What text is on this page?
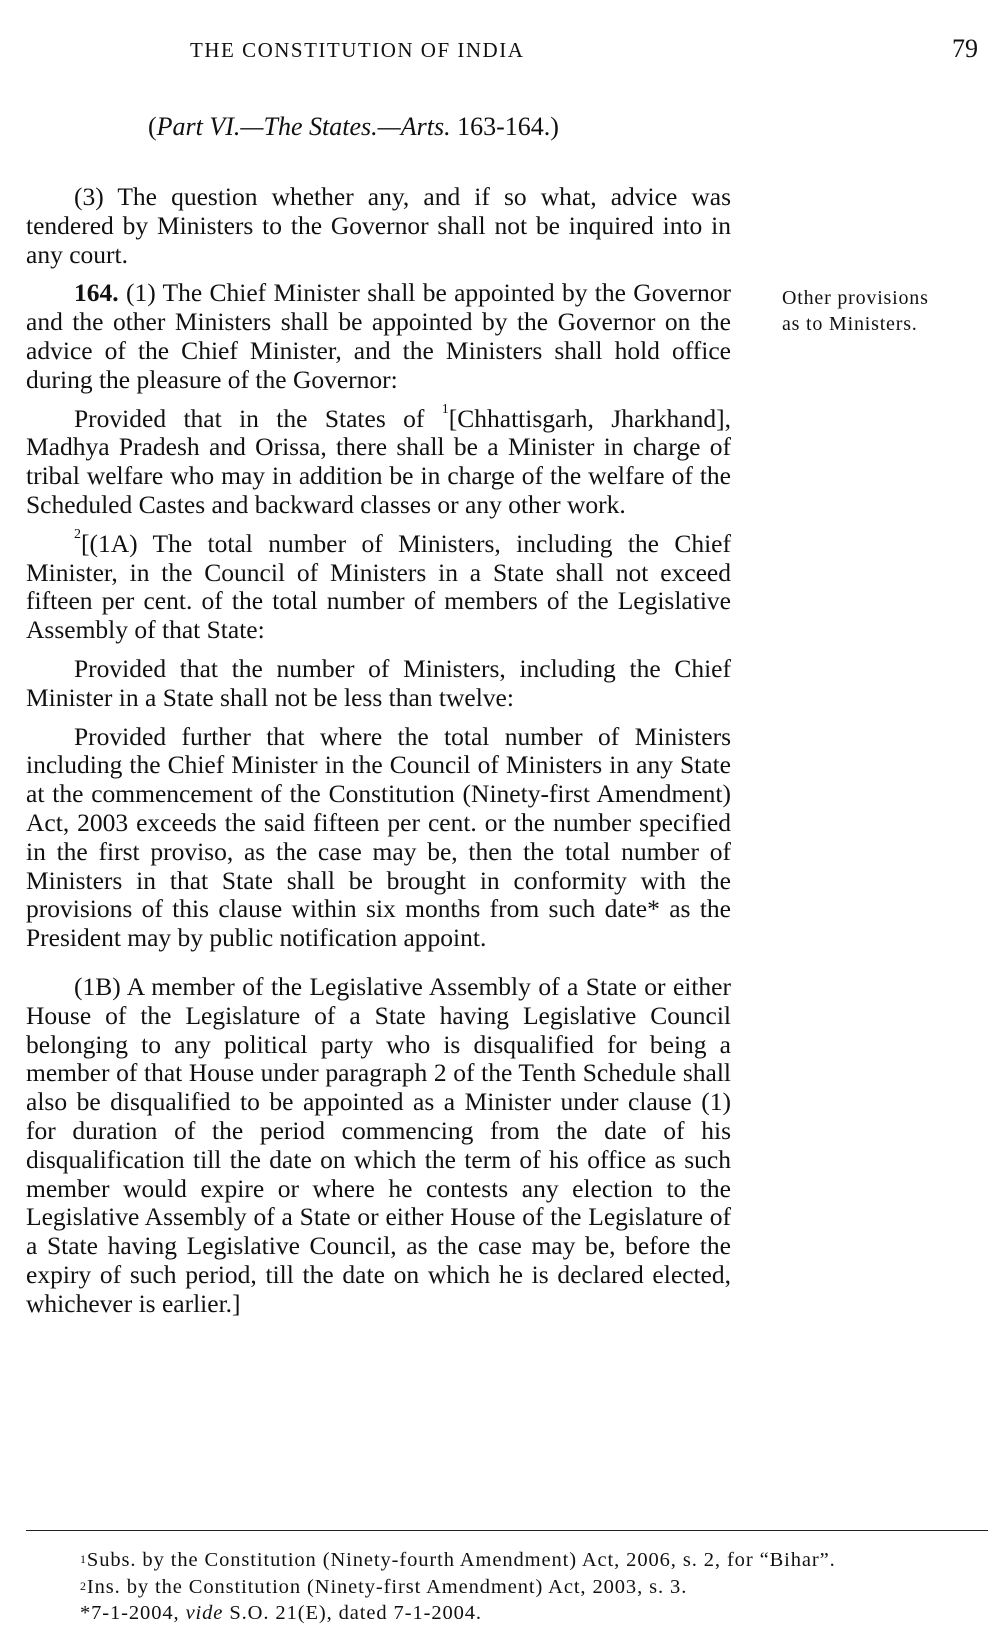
THE CONSTITUTION OF INDIA	79
(Part VI.—The States.—Arts. 163-164.)

(3) The question whether any, and if so what, advice was tendered by Ministers to the Governor shall not be inquired into in any court.

164. (1) The Chief Minister shall be appointed by the Governor and the other Ministers shall be appointed by the Governor on the advice of the Chief Minister, and the Ministers shall hold office during the pleasure of the Governor:

Provided that in the States of $^1$[Chhattisgarh, Jharkhand], Madhya Pradesh and Orissa, there shall be a Minister in charge of tribal welfare who may in addition be in charge of the welfare of the Scheduled Castes and backward classes or any other work.

$^2$[(1A) The total number of Ministers, including the Chief Minister, in the Council of Ministers in a State shall not exceed fifteen per cent. of the total number of members of the Legislative Assembly of that State:

Provided that the number of Ministers, including the Chief Minister in a State shall not be less than twelve:

Provided further that where the total number of Ministers including the Chief Minister in the Council of Ministers in any State at the commencement of the Constitution (Ninety-first Amendment) Act, 2003 exceeds the said fifteen per cent. or the number specified in the first proviso, as the case may be, then the total number of Ministers in that State shall be brought in conformity with the provisions of this clause within six months from such date* as the President may by public notification appoint.

(1B) A member of the Legislative Assembly of a State or either House of the Legislature of a State having Legislative Council belonging to any political party who is disqualified for being a member of that House under paragraph 2 of the Tenth Schedule shall also be disqualified to be appointed as a Minister under clause (1) for duration of the period commencing from the date of his disqualification till the date on which the term of his office as such member would expire or where he contests any election to the Legislative Assembly of a State or either House of the Legislature of a State having Legislative Council, as the case may be, before the expiry of such period, till the date on which he is declared elected, whichever is earlier.]

Other provisions
as to Ministers.
$^1$Subs. by the Constitution (Ninety-fourth Amendment) Act, 2006, s. 2, for “Bihar”.
$^2$Ins. by the Constitution (Ninety-first Amendment) Act, 2003, s. 3.
*7-1-2004, vide S.O. 21(E), dated 7-1-2004.
